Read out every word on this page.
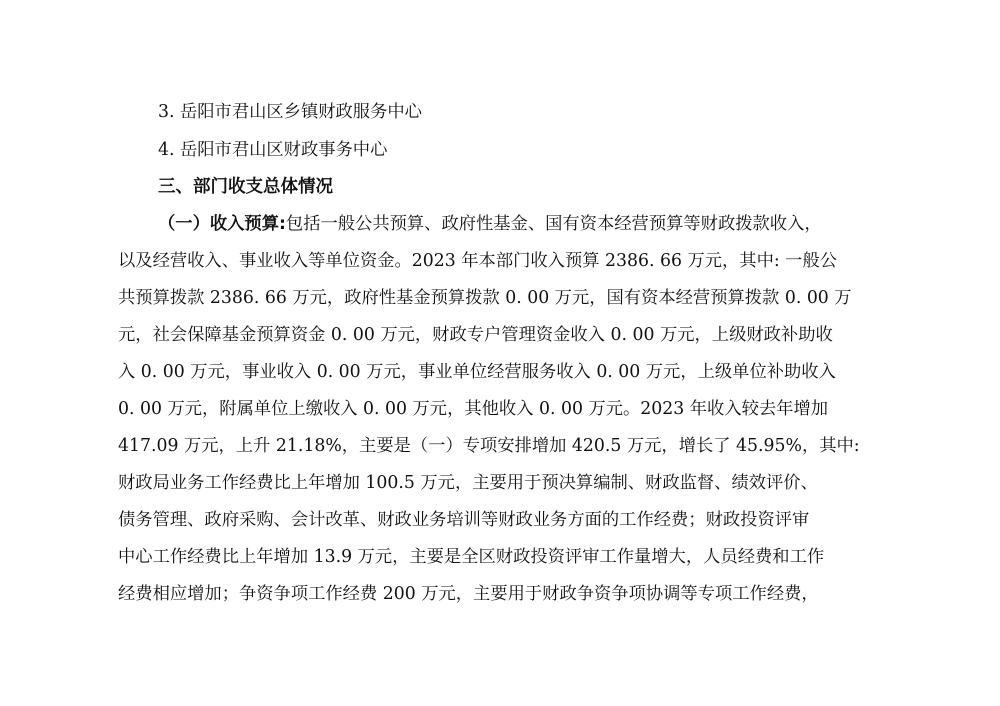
3. 岳阳市君山区乡镇财政服务中心
4. 岳阳市君山区财政事务中心
三、部门收支总体情况
（一）收入预算:包括一般公共预算、政府性基金、国有资本经营预算等财政拨款收入，
以及经营收入、事业收入等单位资金。2023 年本部门收入预算 2386. 66 万元，其中: 一般公
共预算拨款 2386. 66 万元，政府性基金预算拨款 0. 00 万元，国有资本经营预算拨款 0. 00 万
元，社会保障基金预算资金 0. 00 万元，财政专户管理资金收入 0. 00 万元，上级财政补助收
入 0. 00 万元，事业收入 0. 00 万元，事业单位经营服务收入 0. 00 万元，上级单位补助收入
0. 00 万元，附属单位上缴收入 0. 00 万元，其他收入 0. 00 万元。2023 年收入较去年增加
417.09 万元，上升 21.18%，主要是（一）专项安排增加 420.5 万元，增长了 45.95%，其中:
财政局业务工作经费比上年增加 100.5 万元，主要用于预决算编制、财政监督、绩效评价、
债务管理、政府采购、会计改革、财政业务培训等财政业务方面的工作经费；财政投资评审
中心工作经费比上年增加 13.9 万元，主要是全区财政投资评审工作量增大，人员经费和工作
经费相应增加；争资争项工作经费 200 万元，主要用于财政争资争项协调等专项工作经费，
